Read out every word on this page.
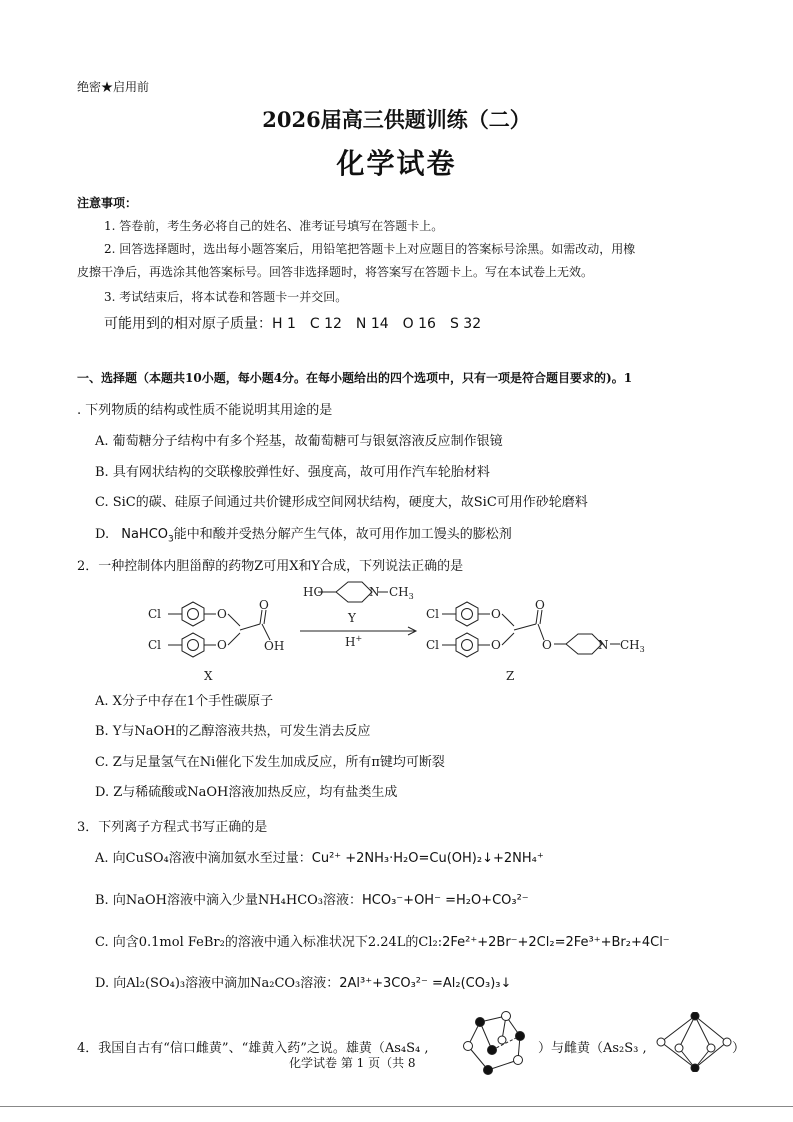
绝密★启用前
2026届高三供题训练（二）
化学试卷
注意事项：
1. 答卷前，考生务必将自己的姓名、准考证号填写在答题卡上。
2. 回答选择题时，选出每小题答案后，用铅笔把答题卡上对应题目的答案标号涂黑。如需改动，用橡
皮擦干净后，再选涂其他答案标号。回答非选择题时，将答案写在答题卡上。写在本试卷上无效。
3. 考试结束后，将本试卷和答题卡一并交回。
可能用到的相对原子质量：H 1　C 12　N 14　O 16　S 32
一、选择题（本题共10小题，每小题4分。在每小题给出的四个选项中，只有一项是符合题目要求的)。1
. 下列物质的结构或性质不能说明其用途的是
A. 葡萄糖分子结构中有多个羟基，故葡萄糖可与银氨溶液反应制作银镜
B. 具有网状结构的交联橡胶弹性好、强度高，故可用作汽车轮胎材料
C. SiC的碳、硅原子间通过共价键形成空间网状结构，硬度大，故SiC可用作砂轮磨料
D. NaHCO$_3$能中和酸并受热分解产生气体，故可用作加工馒头的膨松剂
2．一种控制体内胆甾醇的药物Z可用X和Y合成，下列说法正确的是
Cl	O
Cl	O
O
OH
X
HO	N $CH_3$
Y
H+
Cl	O
Cl	O
O
O	N $CH_3$
Z
A. X分子中存在1个手性碳原子
B. Y与NaOH的乙醇溶液共热，可发生消去反应
C. Z与足量氢气在Ni催化下发生加成反应，所有π键均可断裂
D. Z与稀硫酸或NaOH溶液加热反应，均有盐类生成
3．下列离子方程式书写正确的是
A. 向CuSO₄溶液中滴加氨水至过量：Cu²⁺ +2NH₃·H₂O=Cu(OH)₂↓+2NH₄⁺
B. 向NaOH溶液中滴入少量NH₄HCO₃溶液：HCO₃⁻+OH⁻ =H₂O+CO₃²⁻
C. 向含0.1mol FeBr₂的溶液中通入标准状况下2.24L的Cl₂:2Fe²⁺+2Br⁻+2Cl₂=2Fe³⁺+Br₂+4Cl⁻
D. 向Al₂(SO₄)₃溶液中滴加Na₂CO₃溶液：2Al³⁺+3CO₃²⁻ =Al₂(CO₃)₃↓
4．我国自古有“信口雌黄”、“雄黄入药”之说。雄黄（As₄S₄ ,	）与雌黄（As₂S₃ ,	）
化学试卷 第 1 页（共 8
